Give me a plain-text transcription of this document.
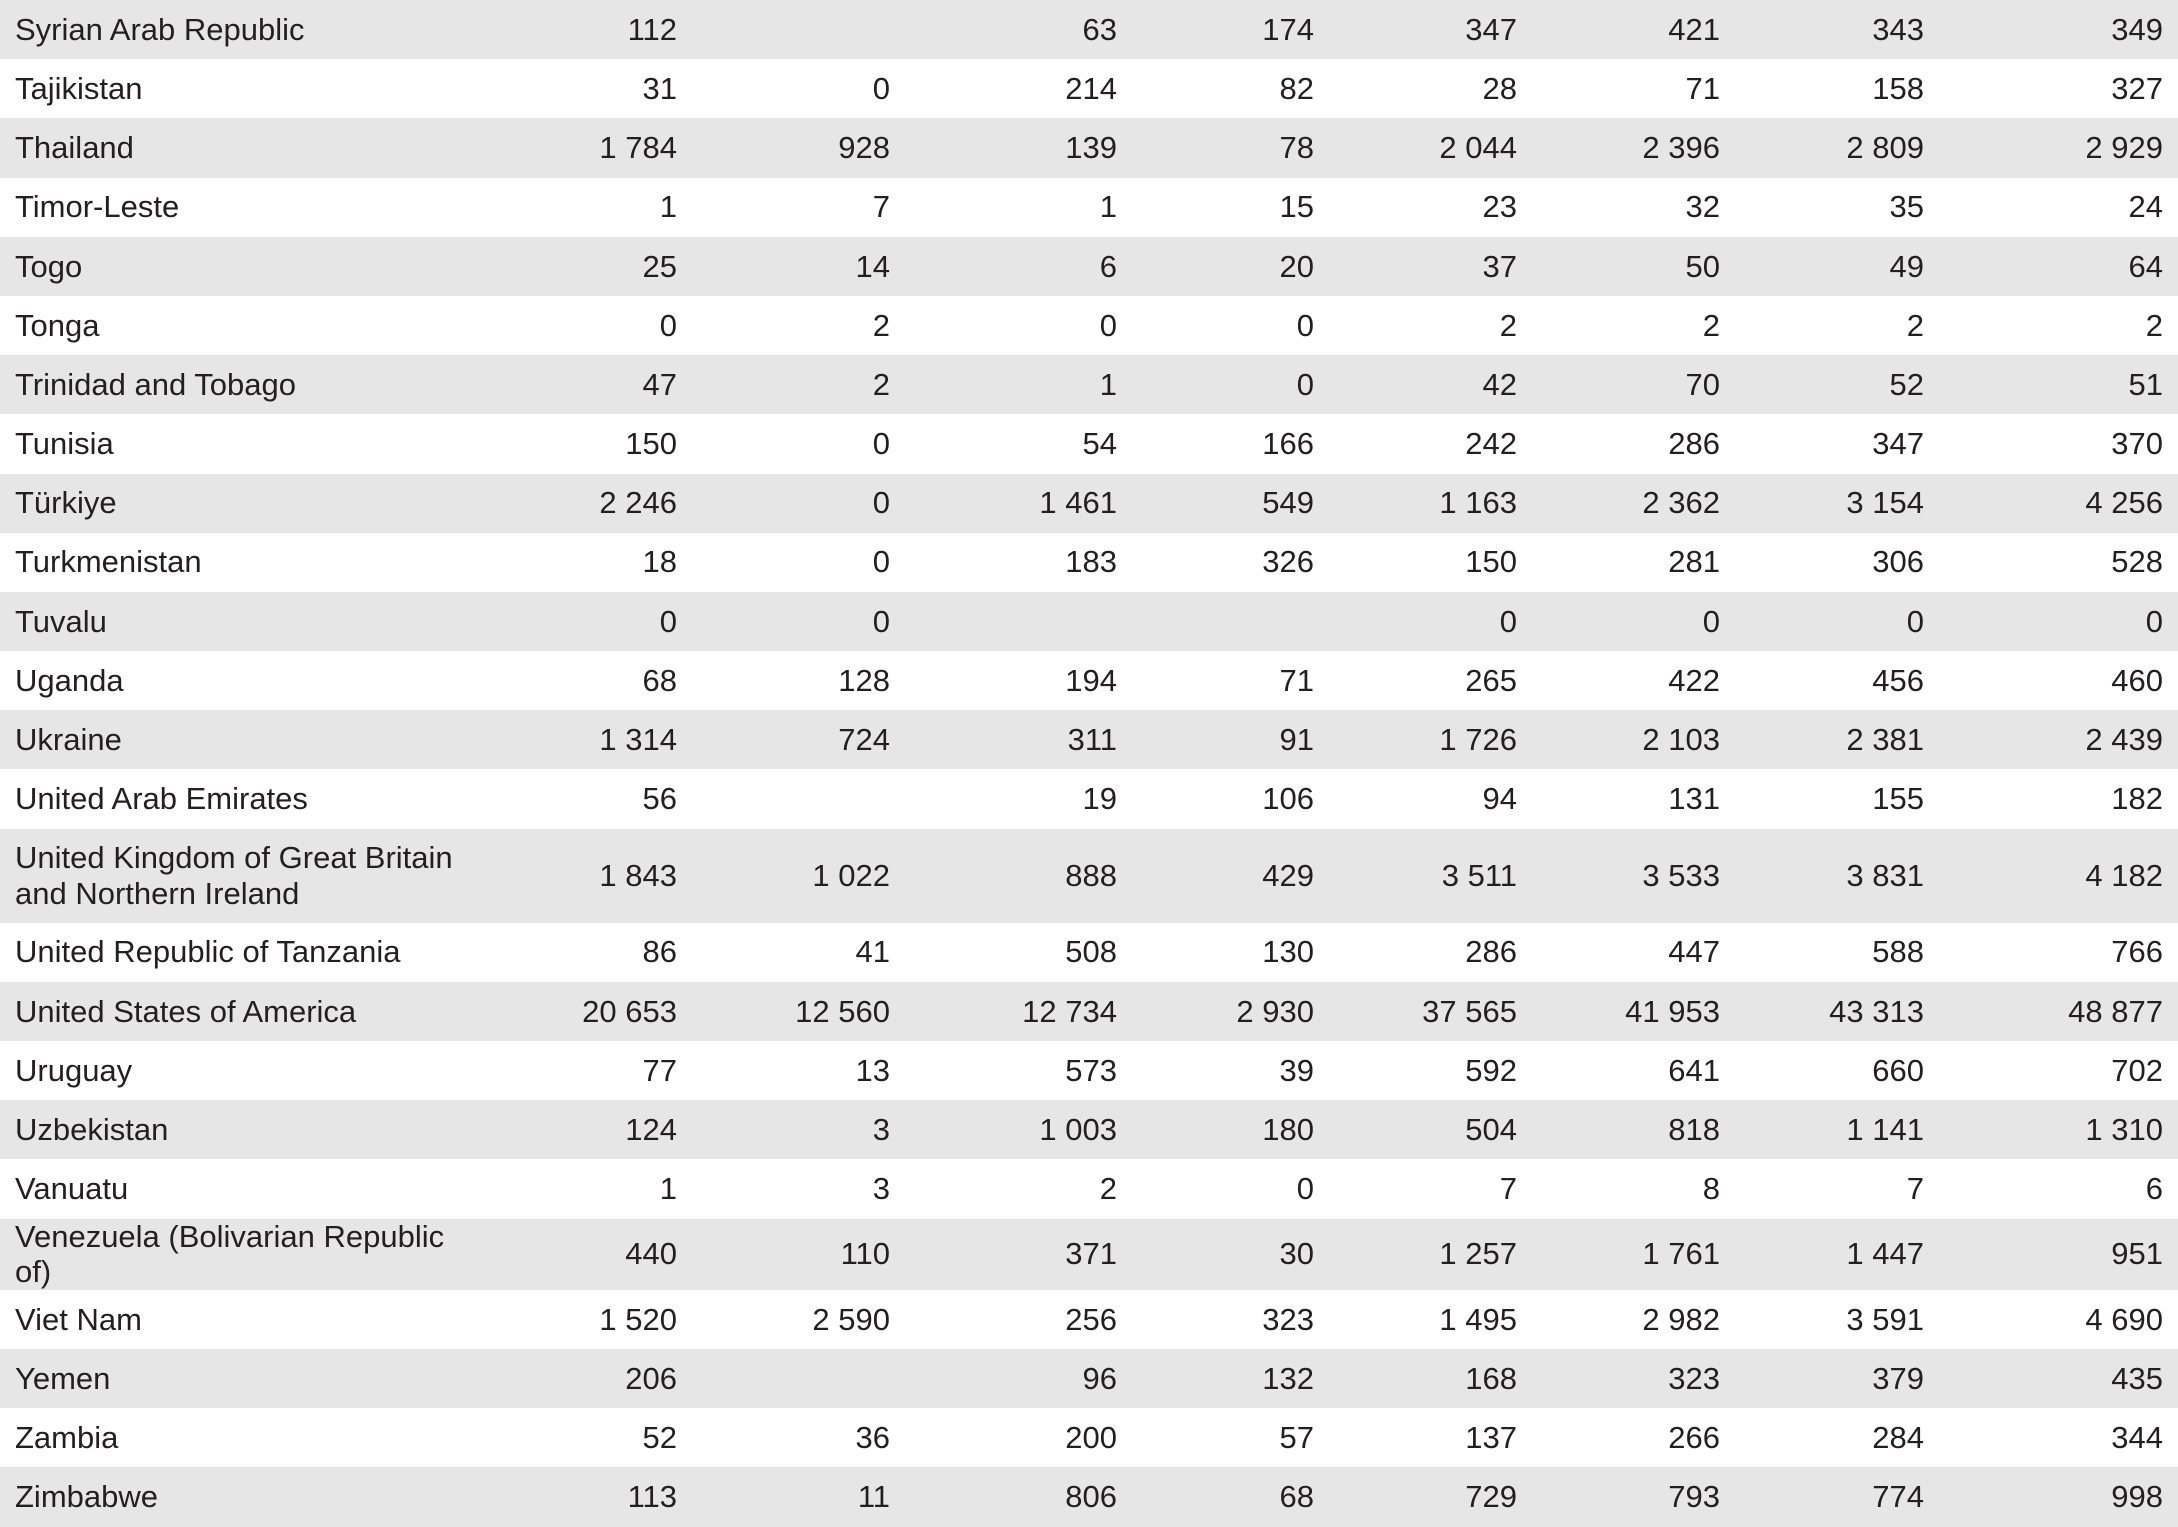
Syrian Arab Republic	112		63	174	347	421	343	349
Tajikistan	31	0	214	82	28	71	158	327
Thailand	1 784	928	139	78	2 044	2 396	2 809	2 929
Timor-Leste	1	7	1	15	23	32	35	24
Togo	25	14	6	20	37	50	49	64
Tonga	0	2	0	0	2	2	2	2
Trinidad and Tobago	47	2	1	0	42	70	52	51
Tunisia	150	0	54	166	242	286	347	370
Türkiye	2 246	0	1 461	549	1 163	2 362	3 154	4 256
Turkmenistan	18	0	183	326	150	281	306	528
Tuvalu	0	0			0	0	0	0
Uganda	68	128	194	71	265	422	456	460
Ukraine	1 314	724	311	91	1 726	2 103	2 381	2 439
United Arab Emirates	56		19	106	94	131	155	182
United Kingdom of Great Britain and Northern Ireland	1 843	1 022	888	429	3 511	3 533	3 831	4 182
United Republic of Tanzania	86	41	508	130	286	447	588	766
United States of America	20 653	12 560	12 734	2 930	37 565	41 953	43 313	48 877
Uruguay	77	13	573	39	592	641	660	702
Uzbekistan	124	3	1 003	180	504	818	1 141	1 310
Vanuatu	1	3	2	0	7	8	7	6
Venezuela (Bolivarian Republic of)	440	110	371	30	1 257	1 761	1 447	951
Viet Nam	1 520	2 590	256	323	1 495	2 982	3 591	4 690
Yemen	206		96	132	168	323	379	435
Zambia	52	36	200	57	137	266	284	344
Zimbabwe	113	11	806	68	729	793	774	998
